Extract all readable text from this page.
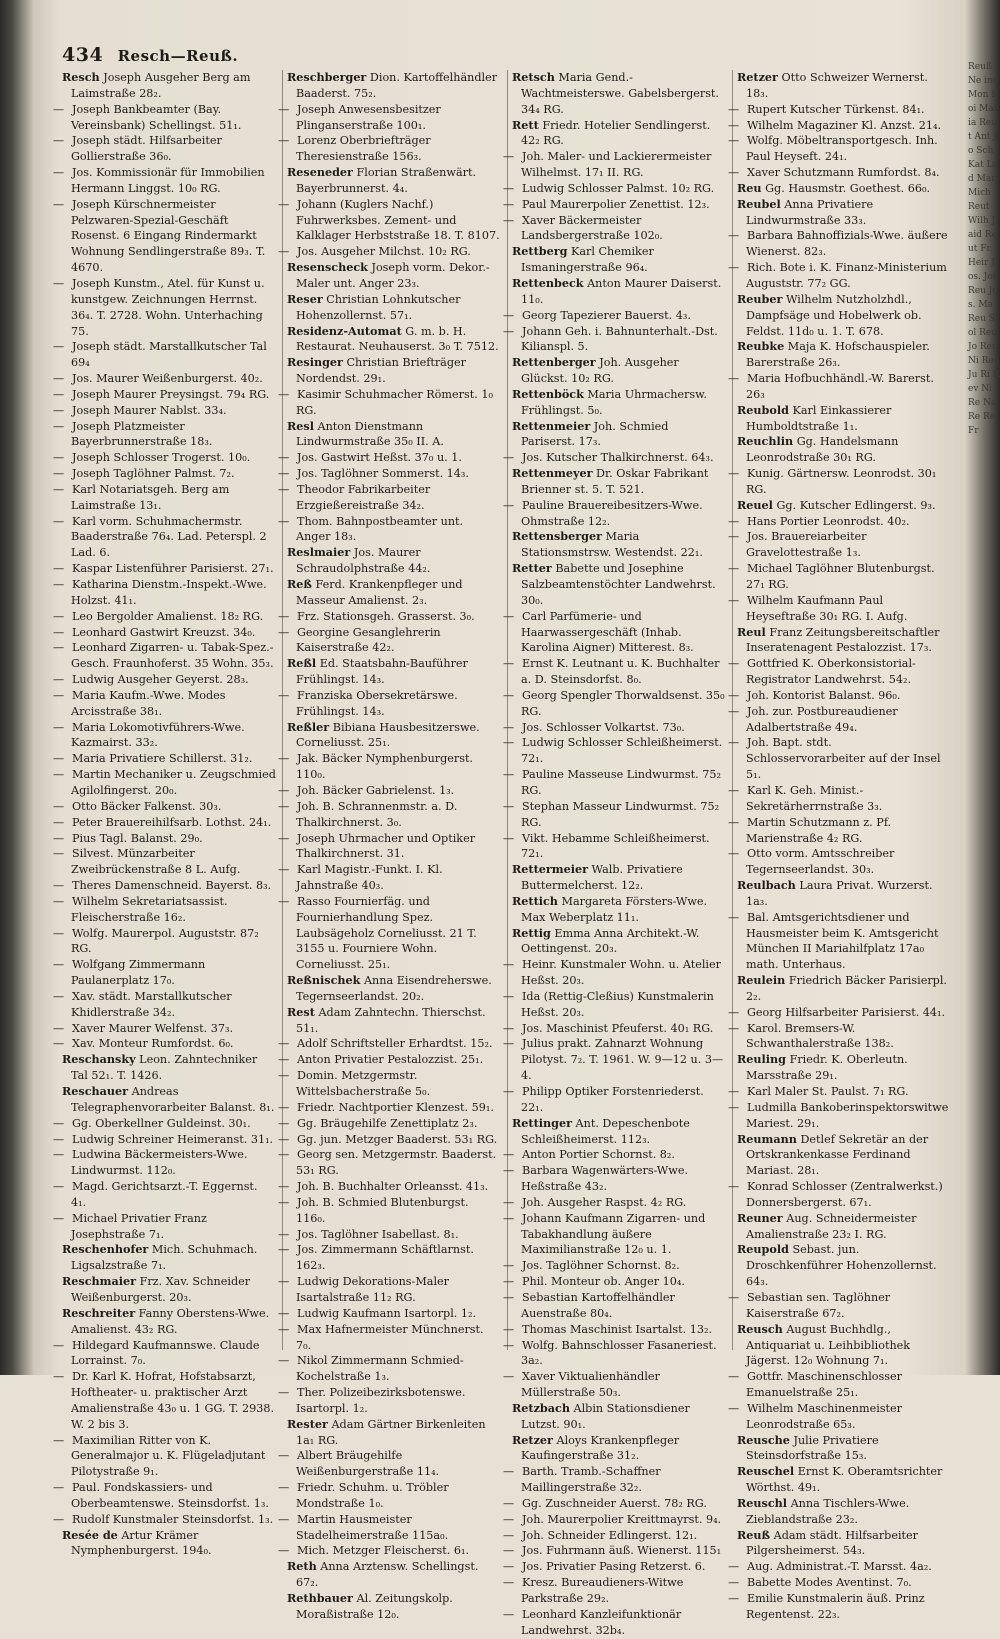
434 Resch—Reuß.

Resch Joseph Ausgeher Berg am Laimstraße 28₂.

— Joseph Bankbeamter (Bay. Vereinsbank) Schellingst. 51₁.

— Joseph städt. Hilfsarbeiter Gollierstraße 36₀.

— Jos. Kommissionär für Immobilien Hermann Linggst. 10₀ RG.

— Joseph Kürschnermeister Pelzwaren-Spezial-Geschäft Rosenst. 6 Eingang Rindermarkt Wohnung Sendlingerstraße 89₃. T. 4670.

— Joseph Kunstm., Atel. für Kunst u. kunstgew. Zeichnungen Herrnst. 36₄. T. 2728. Wohn. Unterhaching 75.

— Joseph städt. Marstallkutscher Tal 69₄

— Jos. Maurer Weißenburgerst. 40₂.

— Joseph Maurer Preysingst. 79₄ RG.

— Joseph Maurer Nablst. 33₄.

— Joseph Platzmeister Bayerbrunnerstraße 18₃.

— Joseph Schlosser Trogerst. 10₀.

— Joseph Taglöhner Palmst. 7₂.

— Karl Notariatsgeh. Berg am Laimstraße 13₁.

— Karl vorm. Schuhmachermstr. Baaderstraße 76₄. Lad. Peterspl. 2 Lad. 6.

— Kaspar Listenführer Parisierst. 27₁.

— Katharina Dienstm.-Inspekt.-Wwe. Holzst. 41₁.

— Leo Bergolder Amalienst. 18₂ RG.

— Leonhard Gastwirt Kreuzst. 34₀.

— Leonhard Zigarren- u. Tabak-Spez.-Gesch. Fraunhoferst. 35 Wohn. 35₃.

— Ludwig Ausgeher Geyerst. 28₃.

— Maria Kaufm.-Wwe. Modes Arcisstraße 38₁.

— Maria Lokomotivführers-Wwe. Kazmairst. 33₂.

— Maria Privatiere Schillerst. 31₂.

— Martin Mechaniker u. Zeugschmied Agilolfingerst. 20₀.

— Otto Bäcker Falkenst. 30₃.

— Peter Brauereihilfsarb. Lothst. 24₁.

— Pius Tagl. Balanst. 29₀.

— Silvest. Münzarbeiter Zweibrückenstraße 8 L. Aufg.

— Theres Damenschneid. Bayerst. 8₃.

— Wilhelm Sekretariatsassist. Fleischerstraße 16₂.

— Wolfg. Maurerpol. Auguststr. 87₂ RG.

— Wolfgang Zimmermann Paulanerplatz 17₀.

— Xav. städt. Marstallkutscher Khidlerstraße 34₂.

— Xaver Maurer Welfenst. 37₃.

— Xav. Monteur Rumfordst. 6₀.

Reschansky Leon. Zahntechniker Tal 52₁. T. 1426.

Reschauer Andreas Telegraphenvorarbeiter Balanst. 8₁.

— Gg. Oberkellner Guldeinst. 30₁.

— Ludwig Schreiner Heimeranst. 31₁.

— Ludwina Bäckermeisters-Wwe. Lindwurmst. 112₀.

— Magd. Gerichtsarzt.-T. Eggernst. 4₁.

— Michael Privatier Franz Josephstraße 7₁.

Reschenhofer Mich. Schuhmach. Ligsalzstraße 7₁.

Reschmaier Frz. Xav. Schneider Weißenburgerst. 20₃.

Reschreiter Fanny Oberstens-Wwe. Amalienst. 43₂ RG.

— Hildegard Kaufmannswe. Claude Lorrainst. 7₀.

— Dr. Karl K. Hofrat, Hofstabsarzt, Hoftheater- u. praktischer Arzt Amalienstraße 43₀ u. 1 GG. T. 2938. W. 2 bis 3.

— Maximilian Ritter von K. Generalmajor u. K. Flügeladjutant Pilotystraße 9₁.

— Paul. Fondskassiers- und Oberbeamtenswe. Steinsdorfst. 1₃.

— Rudolf Kunstmaler Steinsdorfst. 1₃.

Resée de Artur Krämer Nymphenburgerst. 194₀.

Reschberger Dion. Kartoffelhändler Baaderst. 75₂.

— Joseph Anwesensbesitzer Plinganserstraße 100₁.

— Lorenz Oberbriefträger Theresienstraße 156₃.

Reseneder Florian Straßenwärt. Bayerbrunnerst. 4₄.

— Johann (Kuglers Nachf.) Fuhrwerksbes. Zement- und Kalklager Herbststraße 18. T. 8107.

— Jos. Ausgeher Milchst. 10₂ RG.

Resenscheck Joseph vorm. Dekor.-Maler unt. Anger 23₃.

Reser Christian Lohnkutscher Hohenzollernst. 57₁.

Residenz-Automat G. m. b. H. Restaurat. Neuhauserst. 3₀ T. 7512.

Resinger Christian Briefträger Nordendst. 29₁.

— Kasimir Schuhmacher Römerst. 1₀ RG.

Resl Anton Dienstmann Lindwurmstraße 35₀ II. A.

— Jos. Gastwirt Heßst. 37₀ u. 1.

— Jos. Taglöhner Sommerst. 14₃.

— Theodor Fabrikarbeiter Erzgießereistraße 34₂.

— Thom. Bahnpostbeamter unt. Anger 18₃.

Reslmaier Jos. Maurer Schraudolphstraße 44₂.

Reß Ferd. Krankenpfleger und Masseur Amalienst. 2₃.

— Frz. Stationsgeh. Grasserst. 3₀.

— Georgine Gesanglehrerin Kaiserstraße 42₂.

Reßl Ed. Staatsbahn-Bauführer Frühlingst. 14₃.

— Franziska Obersekretärswe. Frühlingst. 14₃.

Reßler Bibiana Hausbesitzerswe. Corneliusst. 25₁.

— Jak. Bäcker Nymphenburgerst. 110₀.

— Joh. Bäcker Gabrielenst. 1₃.

— Joh. B. Schrannenmstr. a. D. Thalkirchnerst. 3₀.

— Joseph Uhrmacher und Optiker Thalkirchnerst. 31.

— Karl Magistr.-Funkt. I. Kl. Jahnstraße 40₃.

— Rasso Fournierfäg. und Fournierhandlung Spez. Laubsägeholz Corneliusst. 21 T. 3155 u. Fourniere Wohn. Corneliusst. 25₁.

Reßnischek Anna Eisendreherswe. Tegernseerlandst. 20₂.

Rest Adam Zahntechn. Thierschst. 51₁.

— Adolf Schriftsteller Erhardtst. 15₂.

— Anton Privatier Pestalozzist. 25₁.

— Domin. Metzgermstr. Wittelsbacherstraße 5₀.

— Friedr. Nachtportier Klenzest. 59₁.

— Gg. Bräugehilfe Zenettiplatz 2₃.

— Gg. jun. Metzger Baaderst. 53₁ RG.

— Georg sen. Metzgermstr. Baaderst. 53₁ RG.

— Joh. B. Buchhalter Orleansst. 41₃.

— Joh. B. Schmied Blutenburgst. 116₀.

— Jos. Taglöhner Isabellast. 8₁.

— Jos. Zimmermann Schäftlarnst. 162₃.

— Ludwig Dekorations-Maler Isartalstraße 11₂ RG.

— Ludwig Kaufmann Isartorpl. 1₂.

— Max Hafnermeister Münchnerst. 7₀.

— Nikol Zimmermann Schmied-Kochelstraße 1₃.

— Ther. Polizeibezirksbotenswe. Isartorpl. 1₂.

Rester Adam Gärtner Birkenleiten 1a₁ RG.

— Albert Bräugehilfe Weißenburgerstraße 11₄.

— Friedr. Schuhm. u. Tröbler Mondstraße 1₀.

— Martin Hausmeister Stadelheimerstraße 115a₀.

— Mich. Metzger Fleischerst. 6₁.

Reth Anna Arztensw. Schellingst. 67₂.

Rethbauer Al. Zeitungskolp. Moraßistraße 12₀.

Retsch Maria Gend.-Wachtmeisterswe. Gabelsbergerst. 34₄ RG.

Rett Friedr. Hotelier Sendlingerst. 42₂ RG.

— Joh. Maler- und Lackierermeister Wilhelmst. 17₁ II. RG.

— Ludwig Schlosser Palmst. 10₂ RG.

— Paul Maurerpolier Zenettist. 12₃.

— Xaver Bäckermeister Landsbergerstraße 102₀.

Rettberg Karl Chemiker Ismaningerstraße 96₄.

Rettenbeck Anton Maurer Daiserst. 11₀.

— Georg Tapezierer Bauerst. 4₃.

— Johann Geh. i. Bahnunterhalt.-Dst. Kilianspl. 5.

Rettenberger Joh. Ausgeher Glückst. 10₂ RG.

Rettenböck Maria Uhrmachersw. Frühlingst. 5₀.

Rettenmeier Joh. Schmied Pariserst. 17₃.

— Jos. Kutscher Thalkirchnerst. 64₃.

Rettenmeyer Dr. Oskar Fabrikant Brienner st. 5. T. 521.

— Pauline Brauereibesitzers-Wwe. Ohmstraße 12₂.

Rettensberger Maria Stationsmstrsw. Westendst. 22₁.

Retter Babette und Josephine Salzbeamtenstöchter Landwehrst. 30₀.

— Carl Parfümerie- und Haarwassergeschäft (Inhab. Karolina Aigner) Mitterest. 8₃.

— Ernst K. Leutnant u. K. Buchhalter a. D. Steinsdorfst. 8₀.

— Georg Spengler Thorwaldsenst. 35₀ RG.

— Jos. Schlosser Volkartst. 73₀.

— Ludwig Schlosser Schleißheimerst. 72₁.

— Pauline Masseuse Lindwurmst. 75₂ RG.

— Stephan Masseur Lindwurmst. 75₂ RG.

— Vikt. Hebamme Schleißheimerst. 72₁.

Rettermeier Walb. Privatiere Buttermelcherst. 12₂.

Rettich Margareta Försters-Wwe. Max Weberplatz 11₁.

Rettig Emma Anna Architekt.-W. Oettingenst. 20₃.

— Heinr. Kunstmaler Wohn. u. Atelier Heßst. 20₃.

— Ida (Rettig-Cleßius) Kunstmalerin Heßst. 20₃.

— Jos. Maschinist Pfeuferst. 40₁ RG.

— Julius prakt. Zahnarzt Wohnung Pilotyst. 7₂. T. 1961. W. 9—12 u. 3—4.

— Philipp Optiker Forstenriederst. 22₁.

Rettinger Ant. Depeschenbote Schleißheimerst. 112₃.

— Anton Portier Schornst. 8₂.

— Barbara Wagenwärters-Wwe. Heßstraße 43₂.

— Joh. Ausgeher Raspst. 4₂ RG.

— Johann Kaufmann Zigarren- und Tabakhandlung äußere Maximilianstraße 12₀ u. 1.

— Jos. Taglöhner Schornst. 8₂.

— Phil. Monteur ob. Anger 10₄.

— Sebastian Kartoffelhändler Auenstraße 80₄.

— Thomas Maschinist Isartalst. 13₂.

— Wolfg. Bahnschlosser Fasaneriest. 3a₂.

— Xaver Viktualienhändler Müllerstraße 50₃.

Retzbach Albin Stationsdiener Lutzst. 90₁.

Retzer Aloys Krankenpfleger Kaufingerstraße 31₂.

— Barth. Tramb.-Schaffner Maillingerstraße 32₂.

— Gg. Zuschneider Auerst. 78₂ RG.

— Joh. Maurerpolier Kreittmayrst. 9₄.

— Joh. Schneider Edlingerst. 12₁.

— Jos. Fuhrmann äuß. Wienerst. 115₁

— Jos. Privatier Pasing Retzerst. 6.

— Kresz. Bureaudieners-Witwe Parkstraße 29₂.

— Leonhard Kanzleifunktionär Landwehrst. 32b₄.

Retzer Otto Schweizer Wernerst. 18₃.

— Rupert Kutscher Türkenst. 84₁.

— Wilhelm Magaziner Kl. Anzst. 21₄.

— Wolfg. Möbeltransportgesch. Inh. Paul Heyseft. 24₁.

— Xaver Schutzmann Rumfordst. 8₄.

Reu Gg. Hausmstr. Goethest. 66₀.

Reubel Anna Privatiere Lindwurmstraße 33₃.

— Barbara Bahnoffizials-Wwe. äußere Wienerst. 82₃.

— Rich. Bote i. K. Finanz-Ministerium Auguststr. 77₂ GG.

Reuber Wilhelm Nutzholzhdl., Dampfsäge und Hobelwerk ob. Feldst. 11d₀ u. 1. T. 678.

Reubke Maja K. Hofschauspieler. Barerstraße 26₃.

— Maria Hofbuchhändl.-W. Barerst. 26₃

Reubold Karl Einkassierer Humboldtstraße 1₁.

Reuchlin Gg. Handelsmann Leonrodstraße 30₁ RG.

— Kunig. Gärtnersw. Leonrodst. 30₁ RG.

Reuel Gg. Kutscher Edlingerst. 9₃.

— Hans Portier Leonrodst. 40₂.

— Jos. Brauereiarbeiter Gravelottestraße 1₃.

— Michael Taglöhner Blutenburgst. 27₁ RG.

— Wilhelm Kaufmann Paul Heyseftraße 30₁ RG. I. Aufg.

Reul Franz Zeitungsbereitschaftler Inseratenagent Pestalozzist. 17₃.

— Gottfried K. Oberkonsistorial-Registrator Landwehrst. 54₂.

— Joh. Kontorist Balanst. 96₀.

— Joh. zur. Postbureaudiener Adalbertstraße 49₄.

— Joh. Bapt. stdt. Schlosservorarbeiter auf der Insel 5₁.

— Karl K. Geh. Minist.-Sekretärherrnstraße 3₃.

— Martin Schutzmann z. Pf. Marienstraße 4₂ RG.

— Otto vorm. Amtsschreiber Tegernseerlandst. 30₃.

Reulbach Laura Privat. Wurzerst. 1a₃.

— Bal. Amtsgerichtsdiener und Hausmeister beim K. Amtsgericht München II Mariahilfplatz 17a₀ math. Unterhaus.

Reulein Friedrich Bäcker Parisierpl. 2₂.

— Georg Hilfsarbeiter Parisierst. 44₁.

— Karol. Bremsers-W. Schwanthalerstraße 138₂.

Reuling Friedr. K. Oberleutn. Marsstraße 29₁.

— Karl Maler St. Paulst. 7₁ RG.

— Ludmilla Bankoberinspektorswitwe Mariest. 29₁.

Reumann Detlef Sekretär an der Ortskrankenkasse Ferdinand Mariast. 28₁.

— Konrad Schlosser (Zentralwerkst.) Donnersbergerst. 67₁.

Reuner Aug. Schneidermeister Amalienstraße 23₂ I. RG.

Reupold Sebast. jun. Droschkenführer Hohenzollernst. 64₃.

— Sebastian sen. Taglöhner Kaiserstraße 67₂.

Reusch August Buchhdlg., Antiquariat u. Leihbibliothek Jägerst. 12₀ Wohnung 7₁.

— Gottfr. Maschinenschlosser Emanuelstraße 25₁.

— Wilhelm Maschinenmeister Leonrodstraße 65₃.

Reusche Julie Privatiere Steinsdorfstraße 15₃.

Reuschel Ernst K. Oberamtsrichter Wörthst. 49₁.

Reuschl Anna Tischlers-Wwe. Zieblandstraße 23₂.

Reuß Adam städt. Hilfsarbeiter Pilgersheimerst. 54₃.

— Aug. Administrat.-T. Marsst. 4a₂.

— Babette Modes Aventinst. 7₀.

— Emilie Kunstmalerin äuß. Prinz Regentenst. 22₃.

Reuß Ne ind Mon Koi Maria Reut Ant Jo Sch Kat Lud Mar Mich Reut Wilh Jaid Reut Fr. Heir Jos. Jof. Reu Jos. Ma Reu Sol Reu Jo Reu Ni Reu Ju Ri Rev Ni Re Na Re Re Fr
